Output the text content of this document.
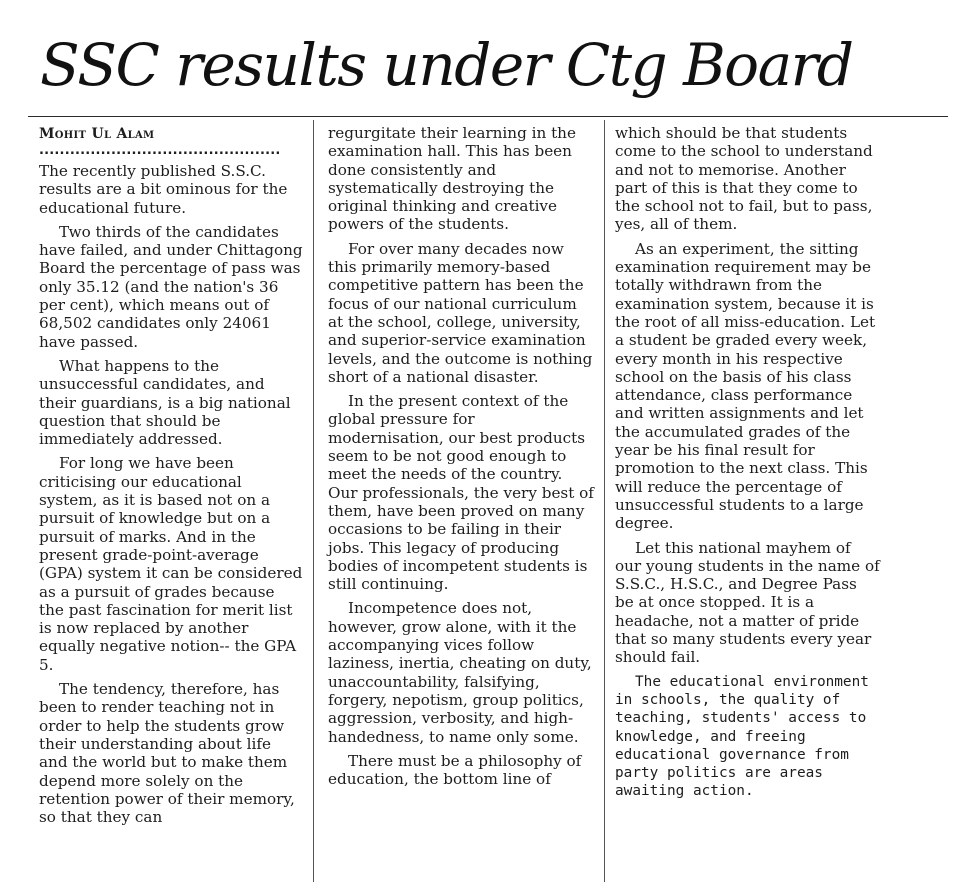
SSC results under Ctg Board
Mohit Ul Alam
...............................................

The recently published S.S.C. results are a bit ominous for the educational future.

Two thirds of the candidates have failed, and under Chittagong Board the percentage of pass was only 35.12 (and the nation's 36 per cent), which means out of 68,502 candidates only 24061 have passed.

What happens to the unsuccessful candidates, and their guardians, is a big national question that should be immediately addressed.

For long we have been criticising our educational system, as it is based not on a pursuit of knowledge but on a pursuit of marks. And in the present grade-point-average (GPA) system it can be considered as a pursuit of grades because the past fascination for merit list is now replaced by another equally negative notion-- the GPA 5.

The tendency, therefore, has been to render teaching not in order to help the students grow their understanding about life and the world but to make them depend more solely on the retention power of their memory, so that they can

regurgitate their learning in the examination hall. This has been done consistently and systematically destroying the original thinking and creative powers of the students.

For over many decades now this primarily memory-based competitive pattern has been the focus of our national curriculum at the school, college, university, and superior-service examination levels, and the outcome is nothing short of a national disaster.

In the present context of the global pressure for modernisation, our best products seem to be not good enough to meet the needs of the country. Our professionals, the very best of them, have been proved on many occasions to be failing in their jobs. This legacy of producing bodies of incompetent students is still continuing.

Incompetence does not, however, grow alone, with it the accompanying vices follow laziness, inertia, cheating on duty, unaccountability, falsifying, forgery, nepotism, group politics, aggression, verbosity, and high-handedness, to name only some.

There must be a philosophy of education, the bottom line of

which should be that students come to the school to understand and not to memorise. Another part of this is that they come to the school not to fail, but to pass, yes, all of them.

As an experiment, the sitting examination requirement may be totally withdrawn from the examination system, because it is the root of all miss-education. Let a student be graded every week, every month in his respective school on the basis of his class attendance, class performance and written assignments and let the accumulated grades of the year be his final result for promotion to the next class. This will reduce the percentage of unsuccessful students to a large degree.

Let this national mayhem of our young students in the name of S.S.C., H.S.C., and Degree Pass be at once stopped. It is a headache, not a matter of pride that so many students every year should fail.

The educational environment in schools, the quality of teaching, students' access to knowledge, and freeing educational governance from party politics are areas awaiting action.
